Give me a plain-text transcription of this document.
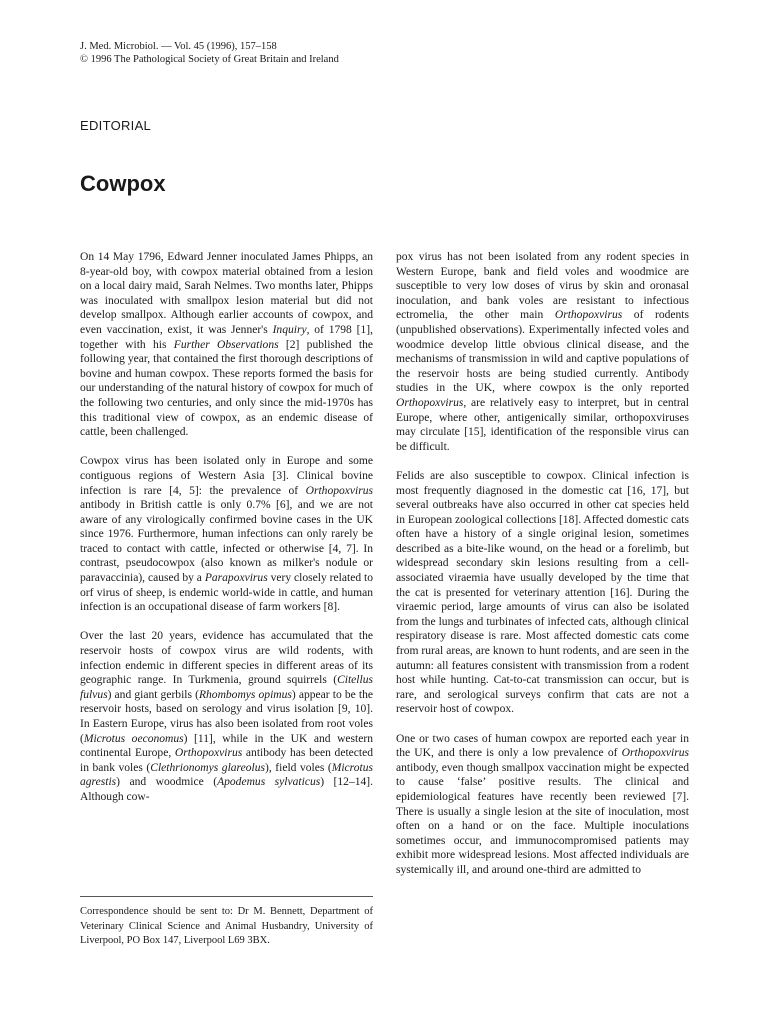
J. Med. Microbiol. — Vol. 45 (1996), 157–158
© 1996 The Pathological Society of Great Britain and Ireland
EDITORIAL
Cowpox

On 14 May 1796, Edward Jenner inoculated James Phipps, an 8-year-old boy, with cowpox material obtained from a lesion on a local dairy maid, Sarah Nelmes. Two months later, Phipps was inoculated with smallpox lesion material but did not develop smallpox. Although earlier accounts of cowpox, and even vaccination, exist, it was Jenner's Inquiry, of 1798 [1], together with his Further Observations [2] published the following year, that contained the first thorough descriptions of bovine and human cowpox. These reports formed the basis for our understanding of the natural history of cowpox for much of the following two centuries, and only since the mid-1970s has this traditional view of cowpox, as an endemic disease of cattle, been challenged.

Cowpox virus has been isolated only in Europe and some contiguous regions of Western Asia [3]. Clinical bovine infection is rare [4, 5]: the prevalence of Orthopoxvirus antibody in British cattle is only 0.7% [6], and we are not aware of any virologically confirmed bovine cases in the UK since 1976. Furthermore, human infections can only rarely be traced to contact with cattle, infected or otherwise [4, 7]. In contrast, pseudocowpox (also known as milker's nodule or paravaccinia), caused by a Parapoxvirus very closely related to orf virus of sheep, is endemic world-wide in cattle, and human infection is an occupational disease of farm workers [8].

Over the last 20 years, evidence has accumulated that the reservoir hosts of cowpox virus are wild rodents, with infection endemic in different species in different areas of its geographic range. In Turkmenia, ground squirrels (Citellus fulvus) and giant gerbils (Rhombomys opimus) appear to be the reservoir hosts, based on serology and virus isolation [9, 10]. In Eastern Europe, virus has also been isolated from root voles (Microtus oeconomus) [11], while in the UK and western continental Europe, Orthopoxvirus antibody has been detected in bank voles (Clethrionomys glareolus), field voles (Microtus agrestis) and woodmice (Apodemus sylvaticus) [12–14]. Although cow-

pox virus has not been isolated from any rodent species in Western Europe, bank and field voles and woodmice are susceptible to very low doses of virus by skin and oronasal inoculation, and bank voles are resistant to infectious ectromelia, the other main Orthopoxvirus of rodents (unpublished observations). Experimentally infected voles and woodmice develop little obvious clinical disease, and the mechanisms of transmission in wild and captive populations of the reservoir hosts are being studied currently. Antibody studies in the UK, where cowpox is the only reported Orthopoxvirus, are relatively easy to interpret, but in central Europe, where other, antigenically similar, orthopoxviruses may circulate [15], identification of the responsible virus can be difficult.

Felids are also susceptible to cowpox. Clinical infection is most frequently diagnosed in the domestic cat [16, 17], but several outbreaks have also occurred in other cat species held in European zoological collections [18]. Affected domestic cats often have a history of a single original lesion, sometimes described as a bite-like wound, on the head or a forelimb, but widespread secondary skin lesions resulting from a cell-associated viraemia have usually developed by the time that the cat is presented for veterinary attention [16]. During the viraemic period, large amounts of virus can also be isolated from the lungs and turbinates of infected cats, although clinical respiratory disease is rare. Most affected domestic cats come from rural areas, are known to hunt rodents, and are seen in the autumn: all features consistent with transmission from a rodent host while hunting. Cat-to-cat transmission can occur, but is rare, and serological surveys confirm that cats are not a reservoir host of cowpox.

One or two cases of human cowpox are reported each year in the UK, and there is only a low prevalence of Orthopoxvirus antibody, even though smallpox vaccination might be expected to cause ‘false’ positive results. The clinical and epidemiological features have recently been reviewed [7]. There is usually a single lesion at the site of inoculation, most often on a hand or on the face. Multiple inoculations sometimes occur, and immunocompromised patients may exhibit more widespread lesions. Most affected individuals are systemically ill, and around one-third are admitted to

Correspondence should be sent to: Dr M. Bennett, Department of Veterinary Clinical Science and Animal Husbandry, University of Liverpool, PO Box 147, Liverpool L69 3BX.
